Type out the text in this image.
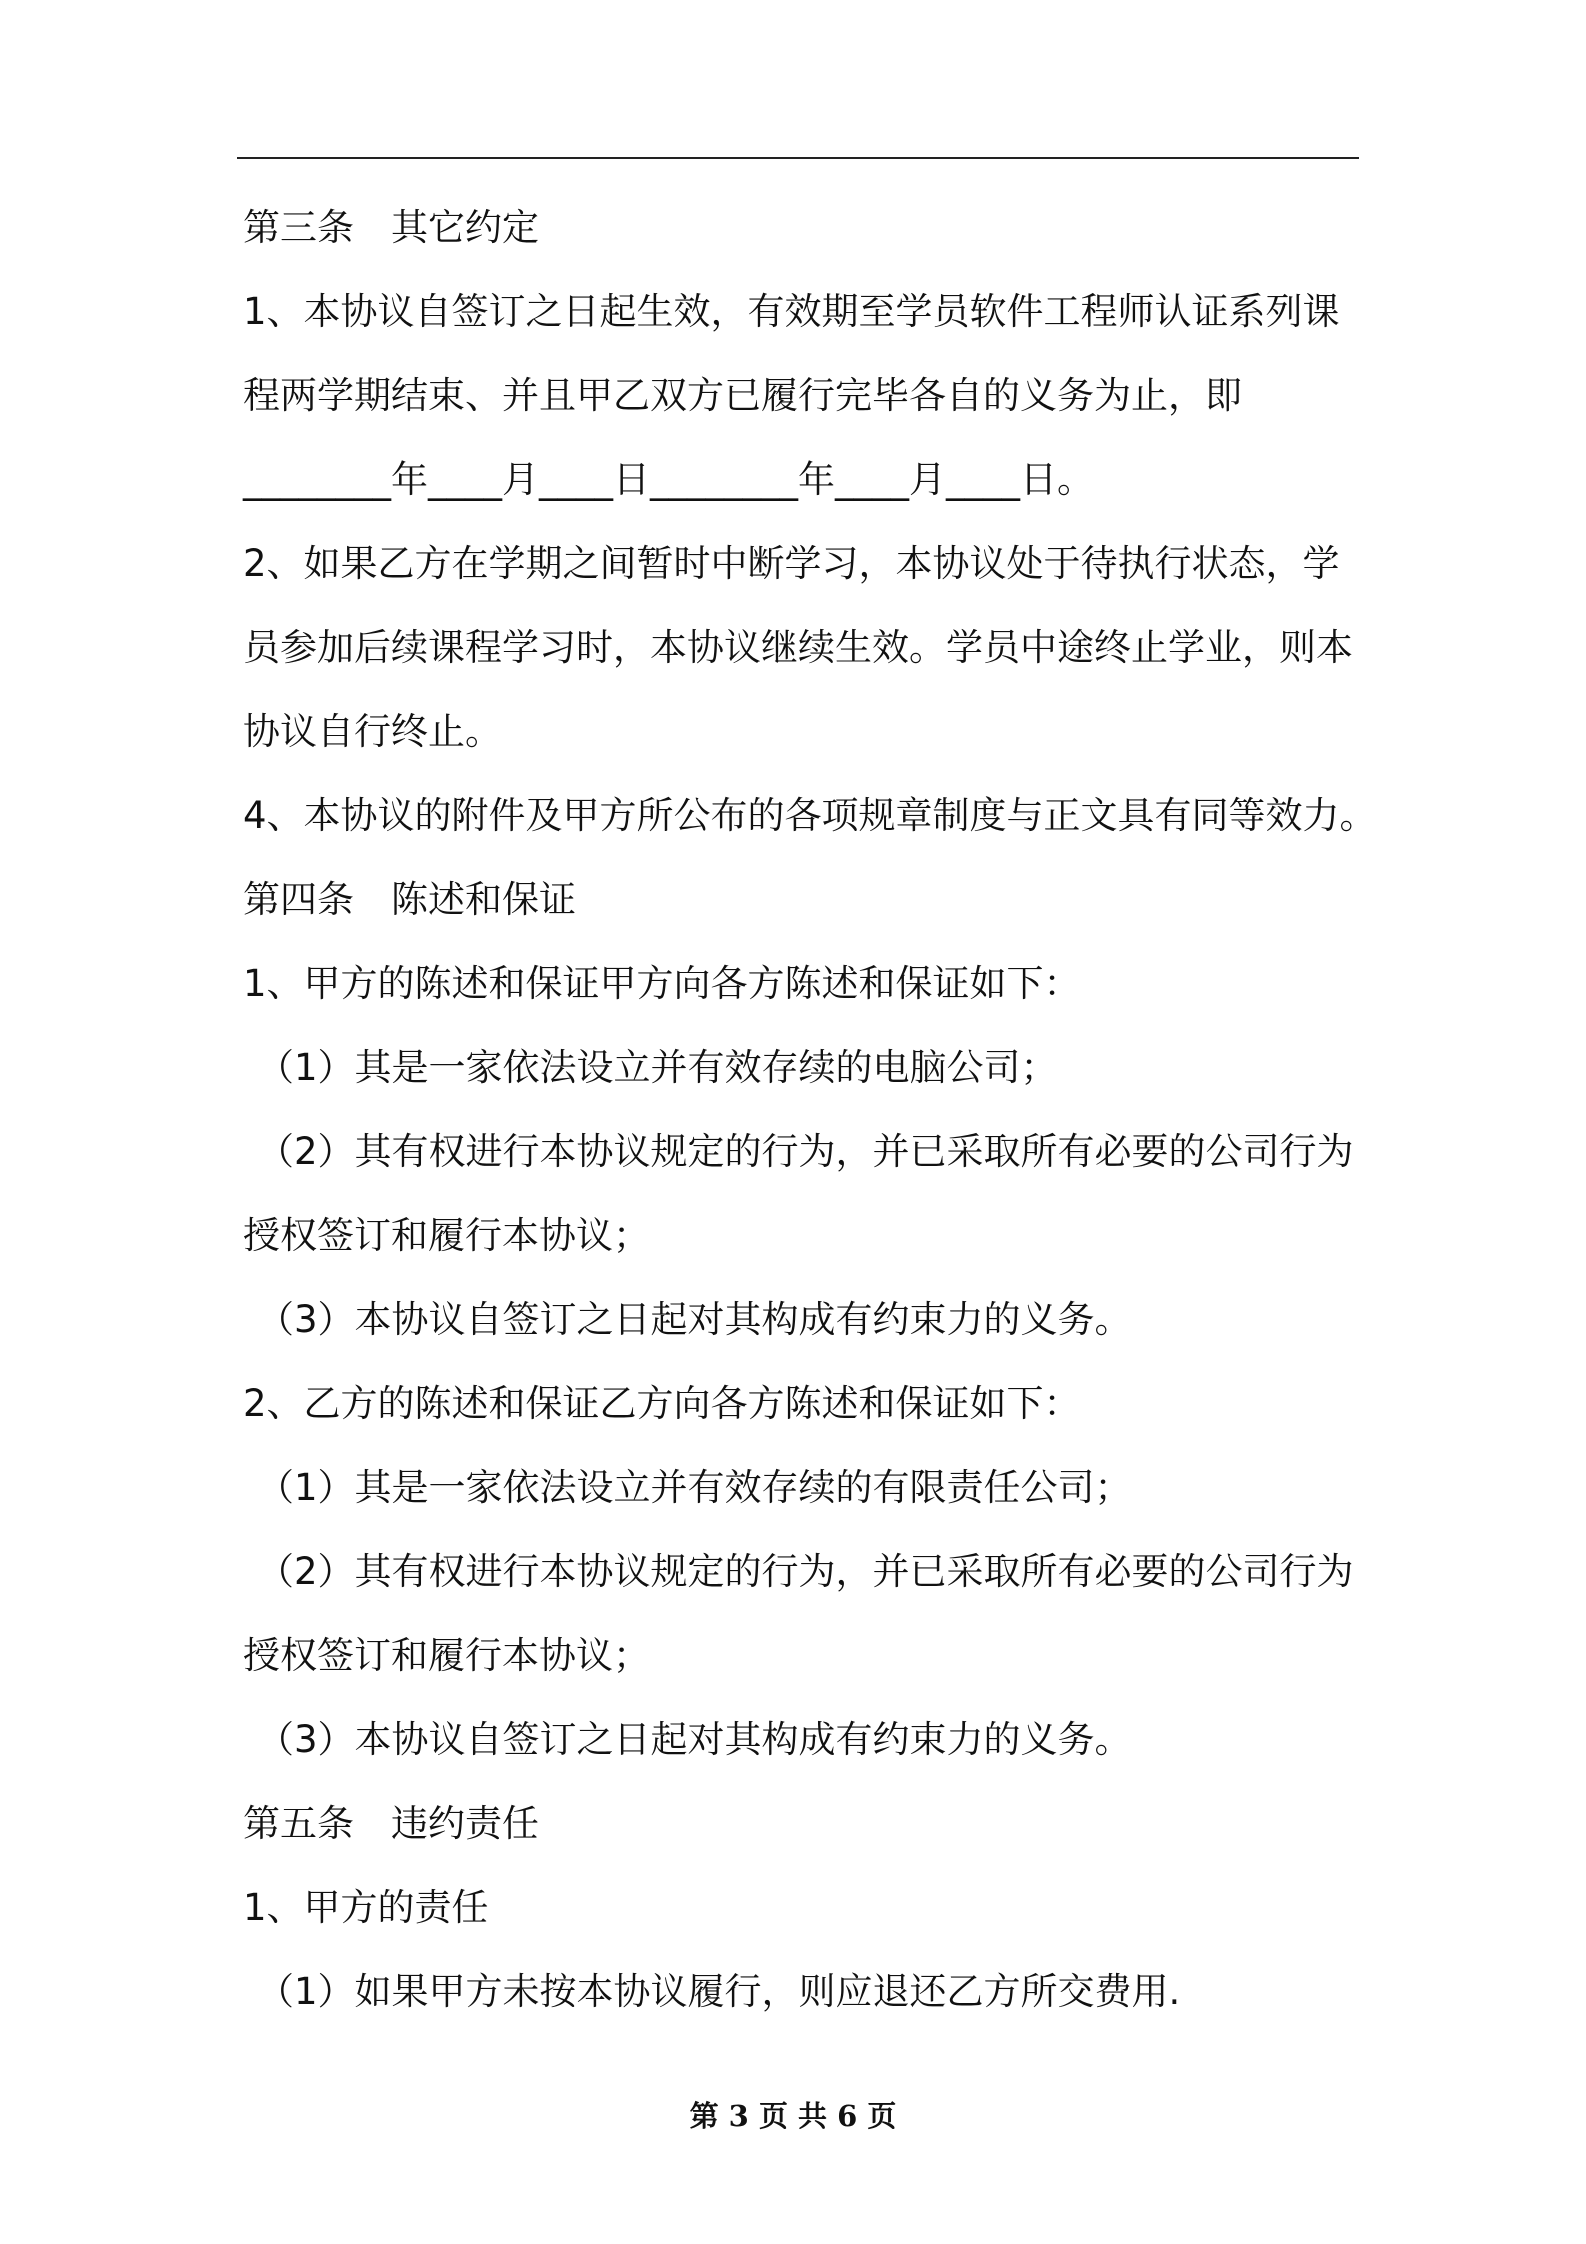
第三条　其它约定
1、本协议自签订之日起生效，有效期至学员软件工程师认证系列课
程两学期结束、并且甲乙双方已履行完毕各自的义务为止，即
________年____月____日________年____月____日。
2、如果乙方在学期之间暂时中断学习，本协议处于待执行状态，学
员参加后续课程学习时，本协议继续生效。学员中途终止学业，则本
协议自行终止。
4、本协议的附件及甲方所公布的各项规章制度与正文具有同等效力。
第四条　陈述和保证
1、甲方的陈述和保证甲方向各方陈述和保证如下：
（1）其是一家依法设立并有效存续的电脑公司；
（2）其有权进行本协议规定的行为，并已采取所有必要的公司行为
授权签订和履行本协议；
（3）本协议自签订之日起对其构成有约束力的义务。
2、乙方的陈述和保证乙方向各方陈述和保证如下：
（1）其是一家依法设立并有效存续的有限责任公司；
（2）其有权进行本协议规定的行为，并已采取所有必要的公司行为
授权签订和履行本协议；
（3）本协议自签订之日起对其构成有约束力的义务。
第五条　违约责任
1、甲方的责任
（1）如果甲方未按本协议履行，则应退还乙方所交费用.
第 3 页 共 6 页
